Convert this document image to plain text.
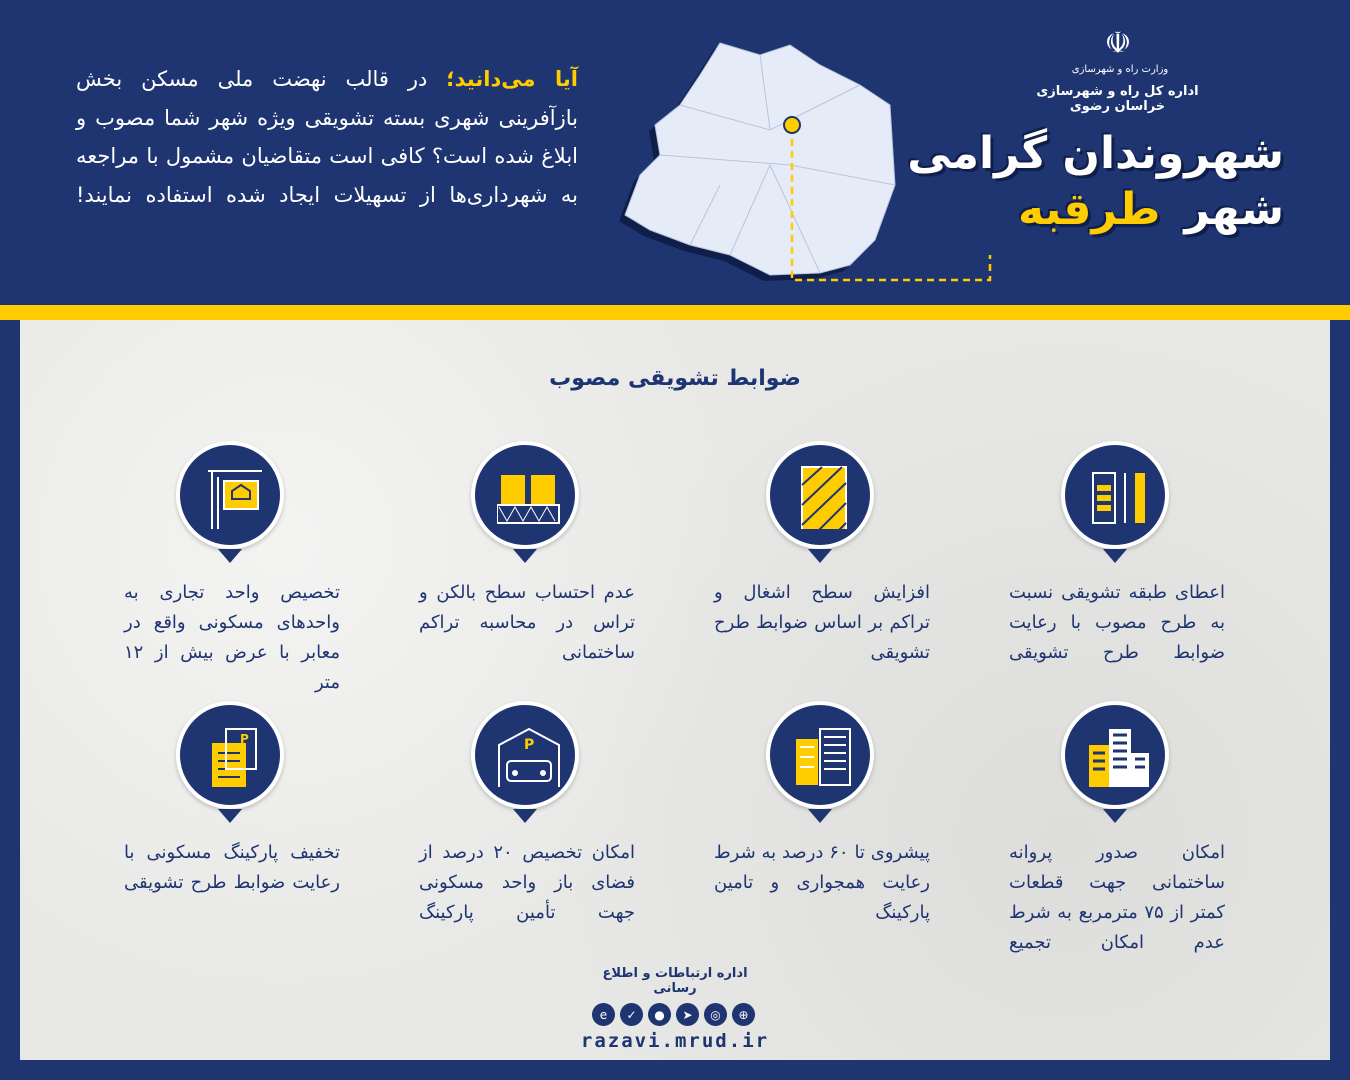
آیا می‌دانید؛ در قالب نهضت ملی مسکن بخش بازآفرینی شهری بسته تشویقی ویژه شهر شما مصوب و ابلاغ شده است؟ کافی است متقاضیان مشمول با مراجعه به شهرداری‌ها از تسهیلات ایجاد شده استفاده نمایند!
☫
وزارت راه و شهرسازی
اداره کل راه و شهرسازی خراسان رضوی
شهروندان گرامی
شهرطرقبه
ضوابط تشویقی مصوب
اعطای طبقه تشویقی نسبت به طرح مصوب با رعایت ضوابط طرح تشویقی
افزایش سطح اشغال و تراکم بر اساس ضوابط طرح تشویقی
عدم احتساب سطح بالکن و تراس در محاسبه تراکم ساختمانی
تخصیص واحد تجاری به واحدهای مسکونی واقع در معابر با عرض بیش از ۱۲ متر
امکان صدور پروانه ساختمانی جهت قطعات کمتر از ۷۵ مترمربع به شرط عدم امکان تجمیع
پیشروی تا ۶۰ درصد به شرط رعایت همجواری و تامین پارکینگ
P
امکان تخصیص ۲۰ درصد از فضای باز واحد مسکونی جهت تأمین پارکینگ
P
تخفیف پارکینگ مسکونی با رعایت ضوابط طرح تشویقی
اداره ارتباطات و اطلاع رسانی
e	✓	●	➤	◎	⊕
razavi.mrud.ir
